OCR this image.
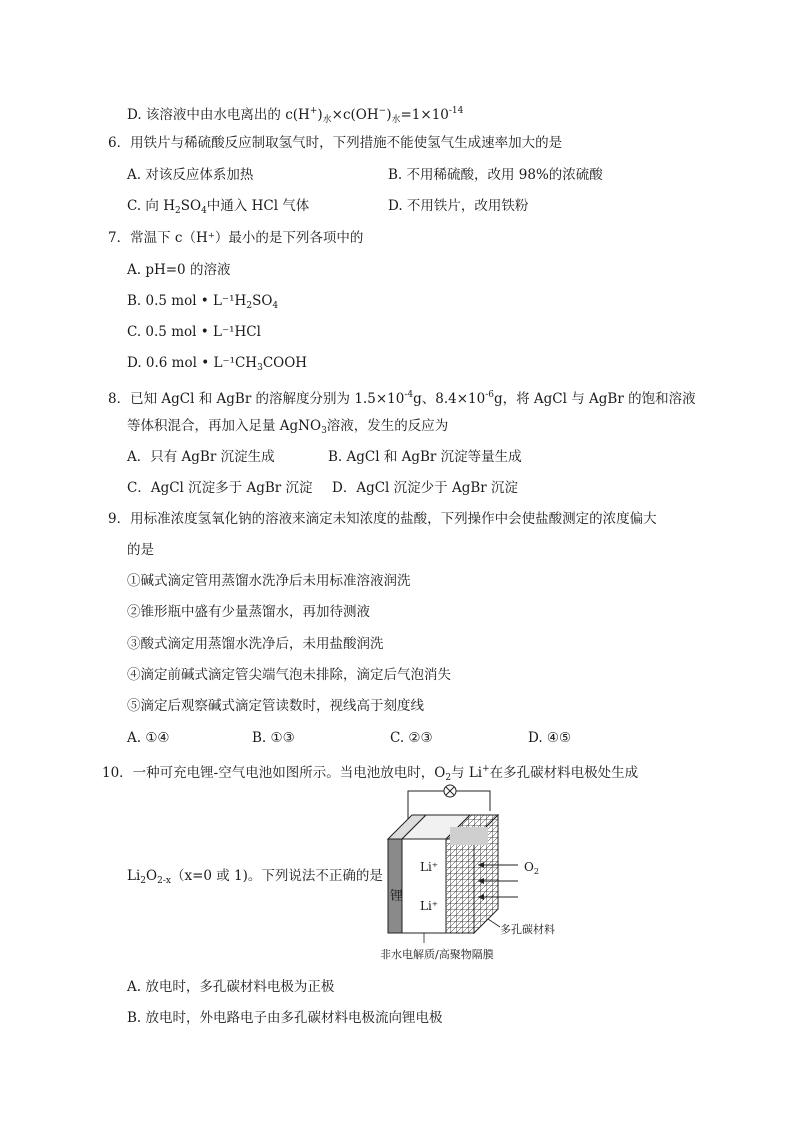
D. 该溶液中由水电离出的 $c(H^+)_水\times c(OH^-)_水=1\times 10^{-14}$
6．用铁片与稀硫酸反应制取氢气时，下列措施不能使氢气生成速率加大的是
A. 对该反应体系加热	B. 不用稀硫酸，改用 98%的浓硫酸
C. 向 $H_2SO_4$中通入 HCl 气体	D. 不用铁片，改用铁粉
7．常温下 c（H⁺）最小的是下列各项中的
A. pH=0 的溶液
B. 0.5 mol • $L^{-1}H_2SO_4$
C. 0.5 mol • L⁻¹HCl
D. 0.6 mol • $L^{-1}CH_3COOH$
8．已知 AgCl 和 AgBr 的溶解度分别为 $1.5\times 10^{-4}g$、$8.4\times 10^{-6}g$，将 AgCl 与 AgBr 的饱和溶液
等体积混合，再加入足量 AgNO$_3$溶液，发生的反应为
A．只有 AgBr 沉淀生成	B. AgCl 和 AgBr 沉淀等量生成
C．AgCl 沉淀多于 AgBr 沉淀 D．AgCl 沉淀少于 AgBr 沉淀
9．用标准浓度氢氧化钠的溶液来滴定未知浓度的盐酸，下列操作中会使盐酸测定的浓度偏大
的是
①碱式滴定管用蒸馏水洗净后未用标准溶液润洗
②锥形瓶中盛有少量蒸馏水，再加待测液
③酸式滴定用蒸馏水洗净后，未用盐酸润洗
④滴定前碱式滴定管尖端气泡未排除，滴定后气泡消失
⑤滴定后观察碱式滴定管读数时，视线高于刻度线
A. ①④	B. ①③	C. ②③	D. ④⑤
10．一种可充电锂-空气电池如图所示。当电池放电时，$O_2$与 Li+在多孔碳材料电极处生成
$Li_2O_{2-x}(x=0$ 或 1)。下列说法不正确的是
$O_2$
锂
Li⁺
Li⁺
多孔碳材料
非水电解质/高聚物隔膜
A. 放电时，多孔碳材料电极为正极
B. 放电时，外电路电子由多孔碳材料电极流向锂电极
